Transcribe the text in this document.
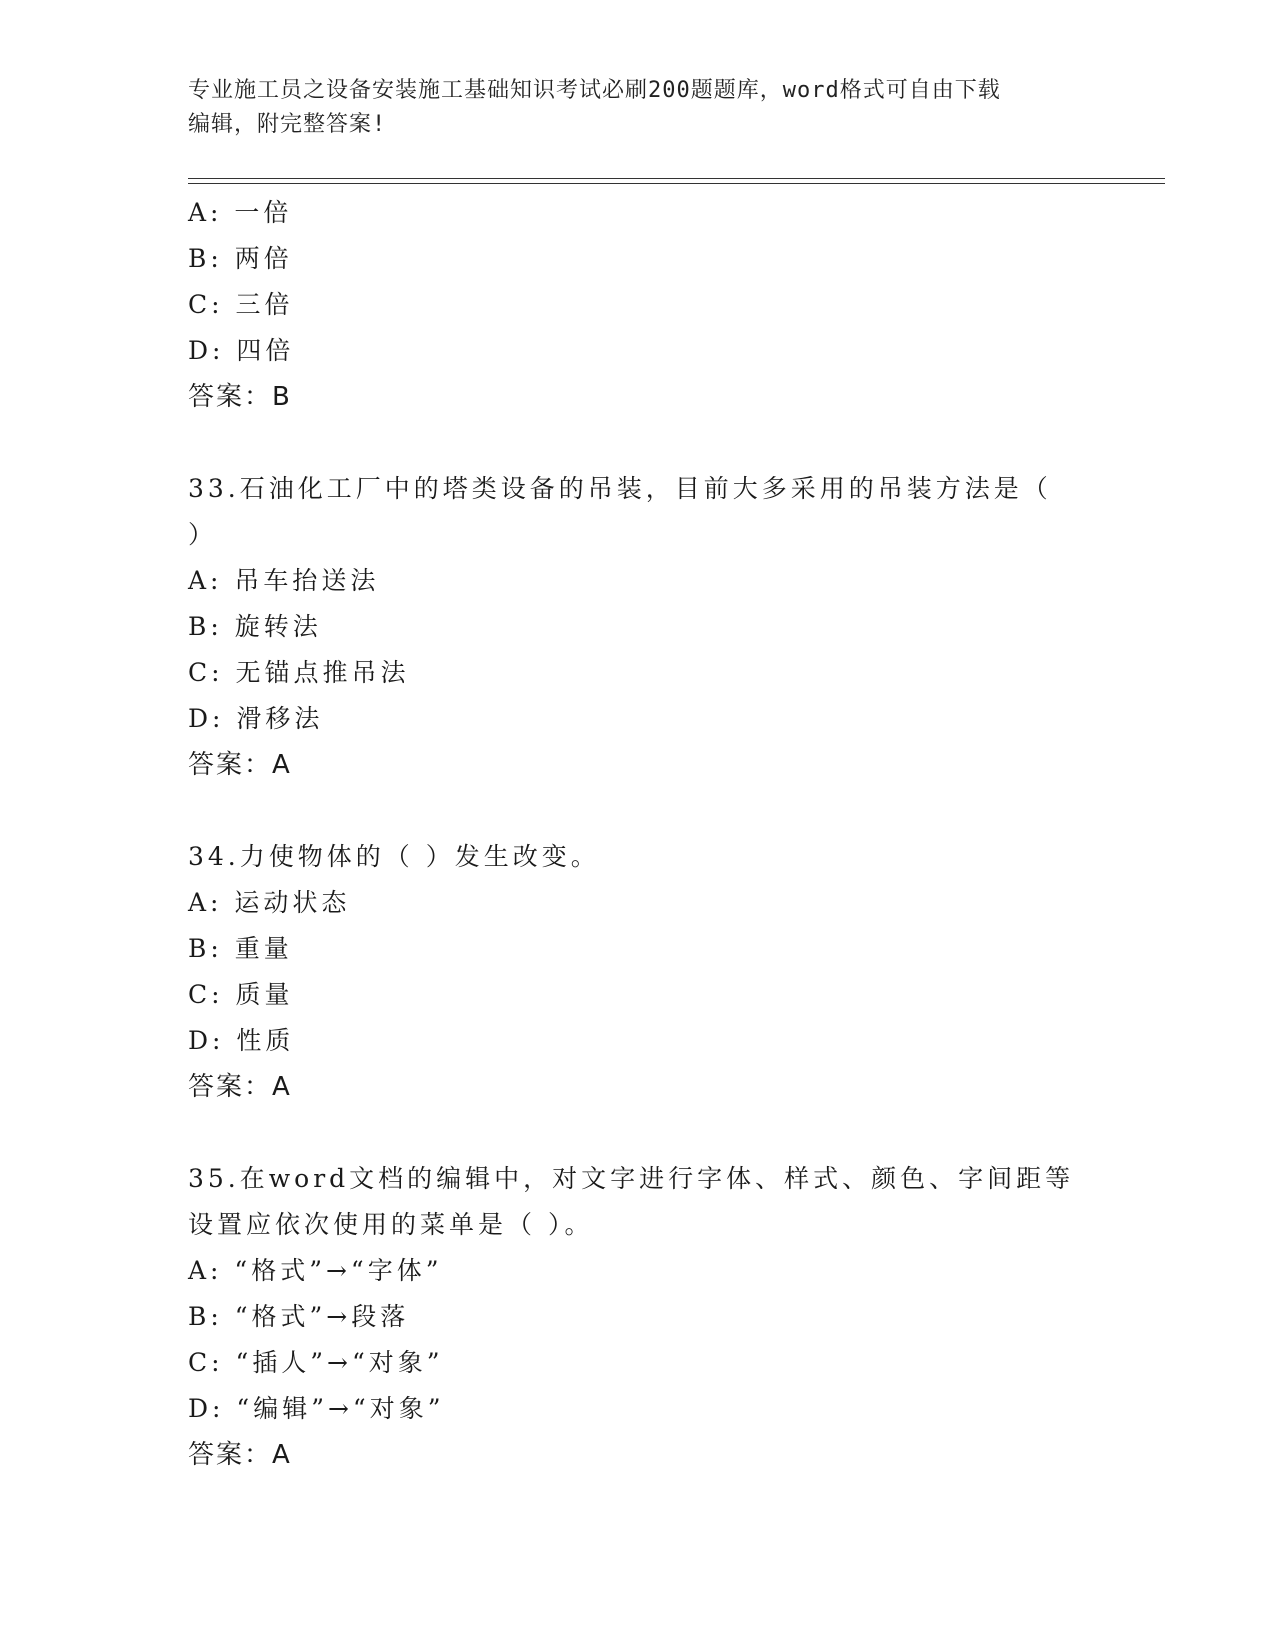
专业施工员之设备安装施工基础知识考试必刷200题题库，word格式可自由下载
编辑，附完整答案!
A: 一倍
B: 两倍
C: 三倍
D: 四倍
答案：B
33.石油化工厂中的塔类设备的吊装，目前大多采用的吊装方法是（
）
A: 吊车抬送法
B: 旋转法
C: 无锚点推吊法
D: 滑移法
答案：A
34.力使物体的（ ）发生改变。
A: 运动状态
B: 重量
C: 质量
D: 性质
答案：A
35.在word文档的编辑中，对文字进行字体、样式、颜色、字间距等
设置应依次使用的菜单是（ ）。
A: “格式”→“字体”
B: “格式”→段落
C: “插人”→“对象”
D: “编辑”→“对象”
答案：A
